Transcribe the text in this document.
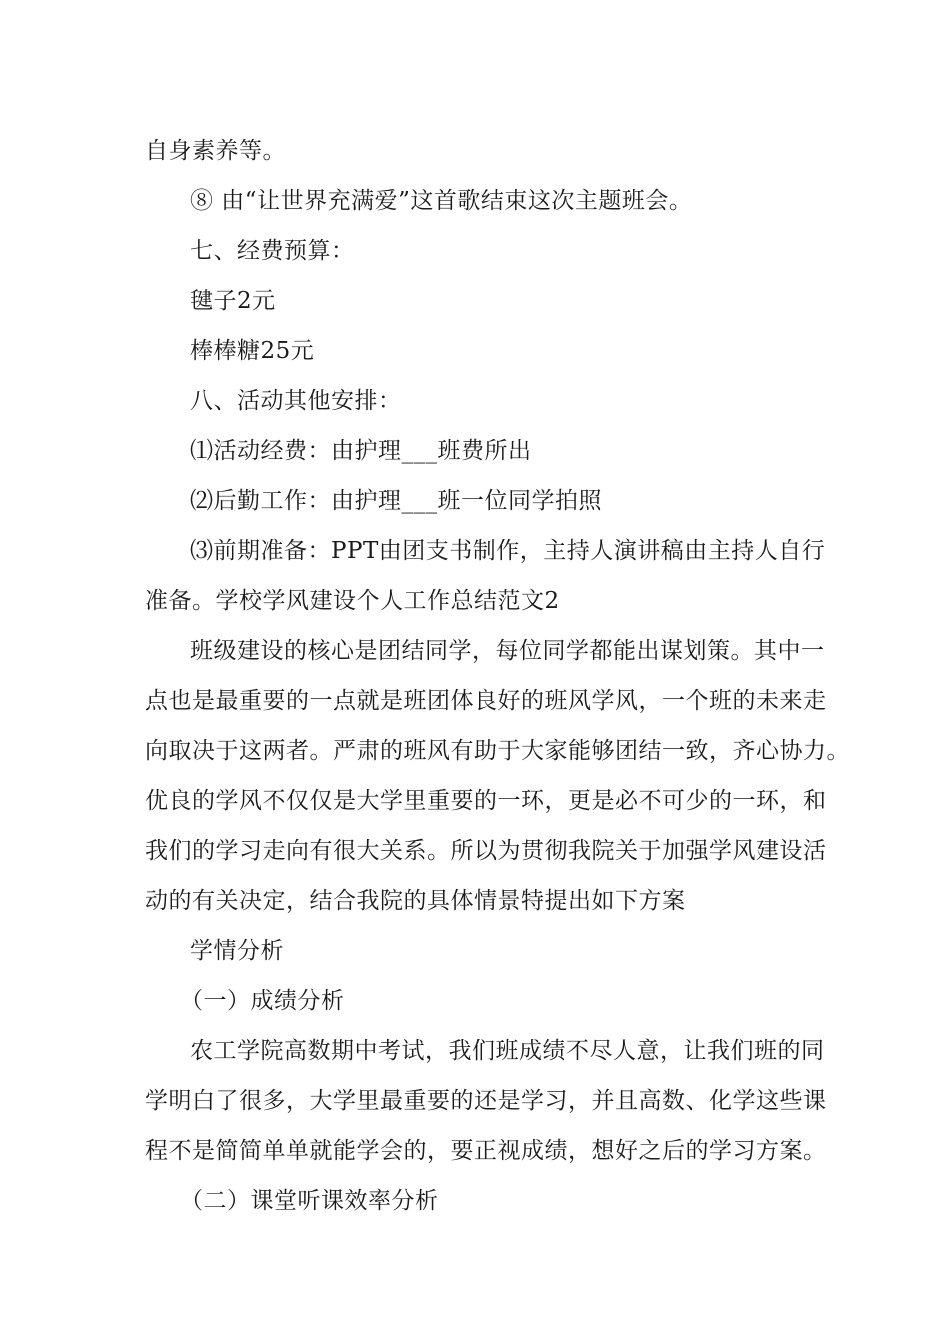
自身素养等。
⑧ 由“让世界充满爱”这首歌结束这次主题班会。
七、经费预算：
毽子2元
棒棒糖25元
八、活动其他安排：
⑴活动经费：由护理___班费所出
⑵后勤工作：由护理___班一位同学拍照
⑶前期准备：PPT由团支书制作，主持人演讲稿由主持人自行
准备。学校学风建设个人工作总结范文2
班级建设的核心是团结同学，每位同学都能出谋划策。其中一
点也是最重要的一点就是班团体良好的班风学风，一个班的未来走
向取决于这两者。严肃的班风有助于大家能够团结一致，齐心协力。
优良的学风不仅仅是大学里重要的一环，更是必不可少的一环，和
我们的学习走向有很大关系。所以为贯彻我院关于加强学风建设活
动的有关决定，结合我院的具体情景特提出如下方案
学情分析
（一）成绩分析
农工学院高数期中考试，我们班成绩不尽人意，让我们班的同
学明白了很多，大学里最重要的还是学习，并且高数、化学这些课
程不是简简单单就能学会的，要正视成绩，想好之后的学习方案。
（二）课堂听课效率分析
